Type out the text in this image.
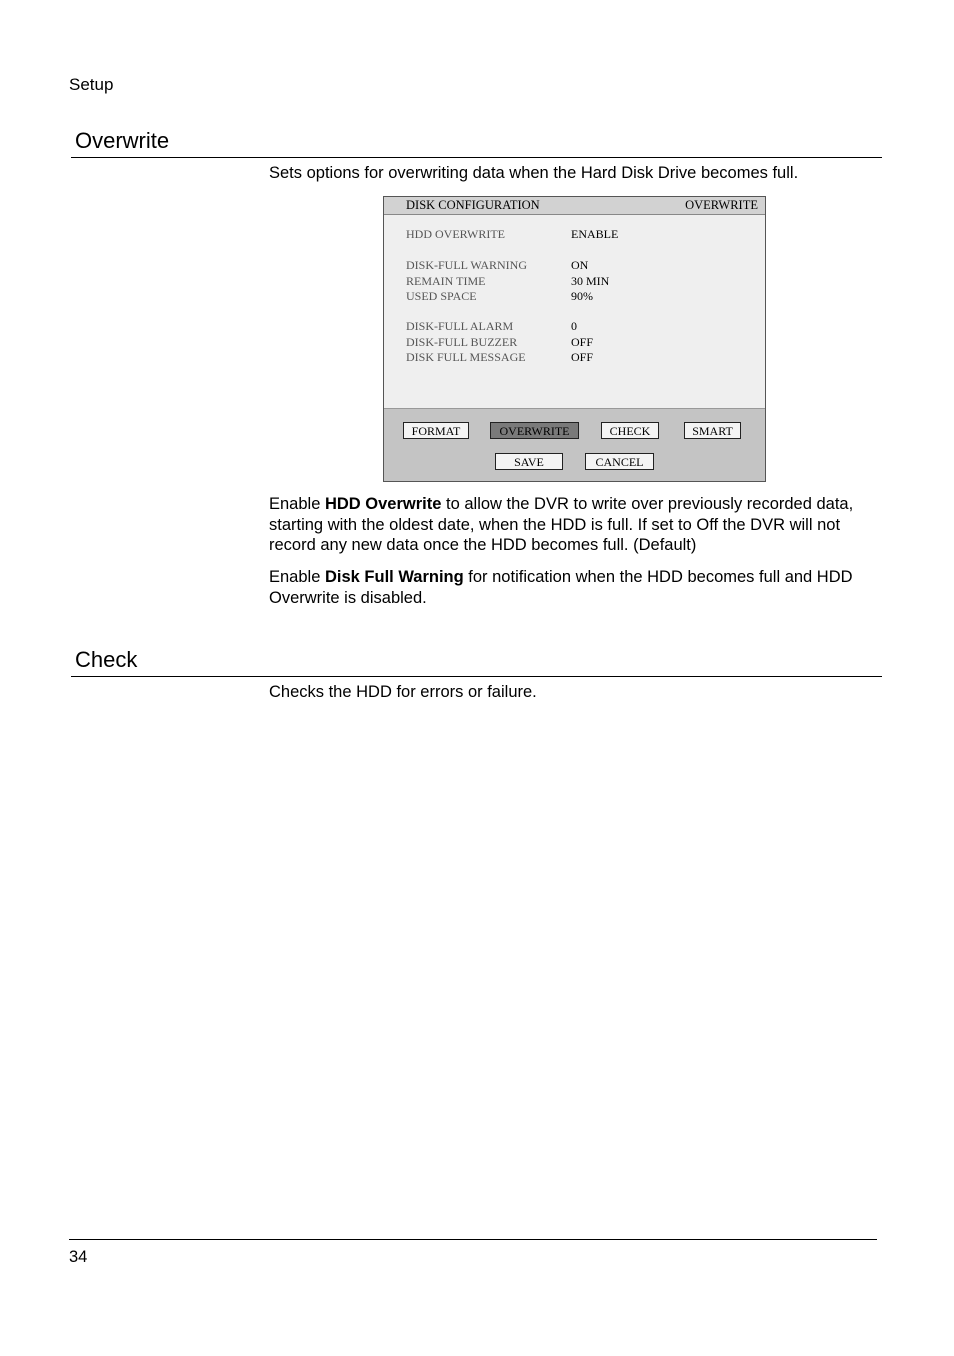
Setup
Overwrite
Sets options for overwriting data when the Hard Disk Drive becomes full.
DISK CONFIGURATION	OVERWRITE
HDD OVERWRITE	ENABLE
DISK-FULL WARNING	ON
REMAIN TIME	30 MIN
USED SPACE	90%
DISK-FULL ALARM	0
DISK-FULL BUZZER	OFF
DISK FULL MESSAGE	OFF
FORMAT	OVERWRITE	CHECK	SMART
SAVE	CANCEL
Enable HDD Overwrite to allow the DVR to write over previously recorded data, starting with the oldest date, when the HDD is full. If set to Off the DVR will not record any new data once the HDD becomes full. (Default)
Enable Disk Full Warning for notification when the HDD becomes full and HDD Overwrite is disabled.
Check
Checks the HDD for errors or failure.
34
